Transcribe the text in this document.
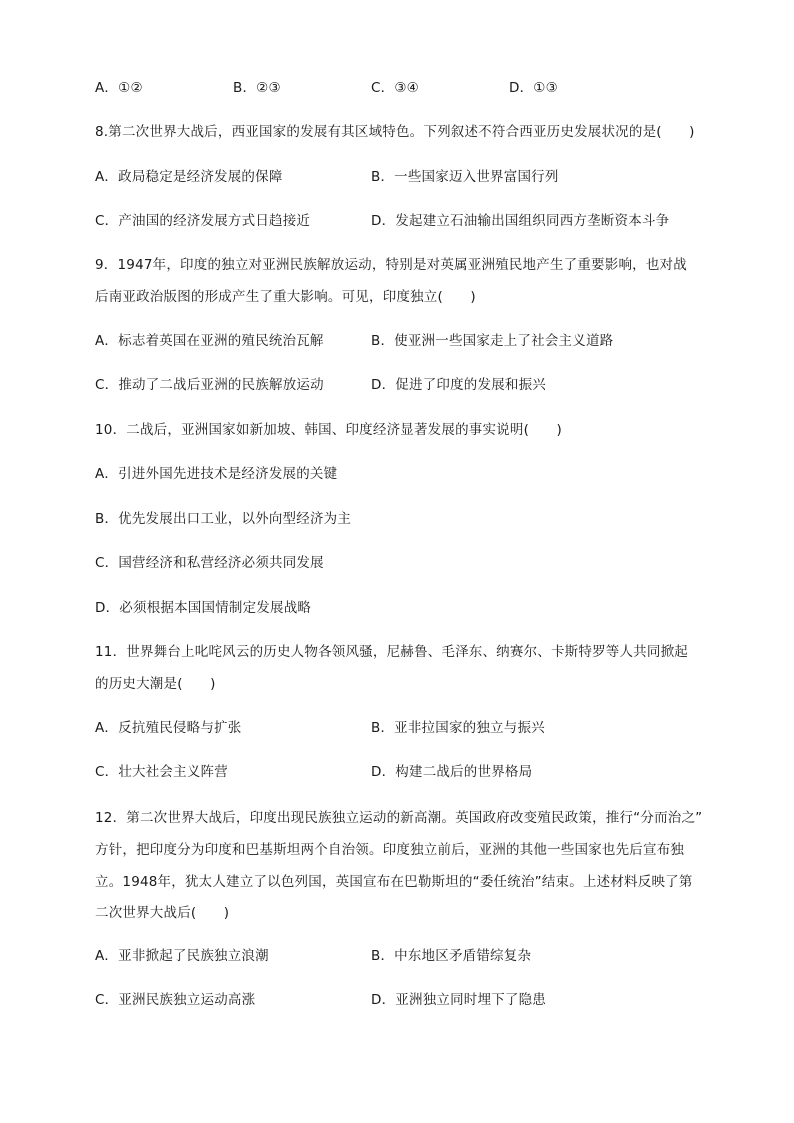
A．①②	B．②③	C．③④	D．①③
8.第二次世界大战后，西亚国家的发展有其区域特色。下列叙述不符合西亚历史发展状况的是(　　)
A．政局稳定是经济发展的保障	B．一些国家迈入世界富国行列
C．产油国的经济发展方式日趋接近	D．发起建立石油输出国组织同西方垄断资本斗争
9．1947年，印度的独立对亚洲民族解放运动，特别是对英属亚洲殖民地产生了重要影响，也对战
后南亚政治版图的形成产生了重大影响。可见，印度独立(　　)
A．标志着英国在亚洲的殖民统治瓦解	B．使亚洲一些国家走上了社会主义道路
C．推动了二战后亚洲的民族解放运动	D．促进了印度的发展和振兴
10．二战后，亚洲国家如新加坡、韩国、印度经济显著发展的事实说明(　　)
A．引进外国先进技术是经济发展的关键
B．优先发展出口工业，以外向型经济为主
C．国营经济和私营经济必须共同发展
D．必须根据本国国情制定发展战略
11．世界舞台上叱咤风云的历史人物各领风骚，尼赫鲁、毛泽东、纳赛尔、卡斯特罗等人共同掀起
的历史大潮是(　　)
A．反抗殖民侵略与扩张	B．亚非拉国家的独立与振兴
C．壮大社会主义阵营	D．构建二战后的世界格局
12．第二次世界大战后，印度出现民族独立运动的新高潮。英国政府改变殖民政策，推行“分而治之”
方针，把印度分为印度和巴基斯坦两个自治领。印度独立前后，亚洲的其他一些国家也先后宣布独
立。1948年，犹太人建立了以色列国，英国宣布在巴勒斯坦的“委任统治”结束。上述材料反映了第
二次世界大战后(　　)
A．亚非掀起了民族独立浪潮	B．中东地区矛盾错综复杂
C．亚洲民族独立运动高涨	D．亚洲独立同时埋下了隐患
